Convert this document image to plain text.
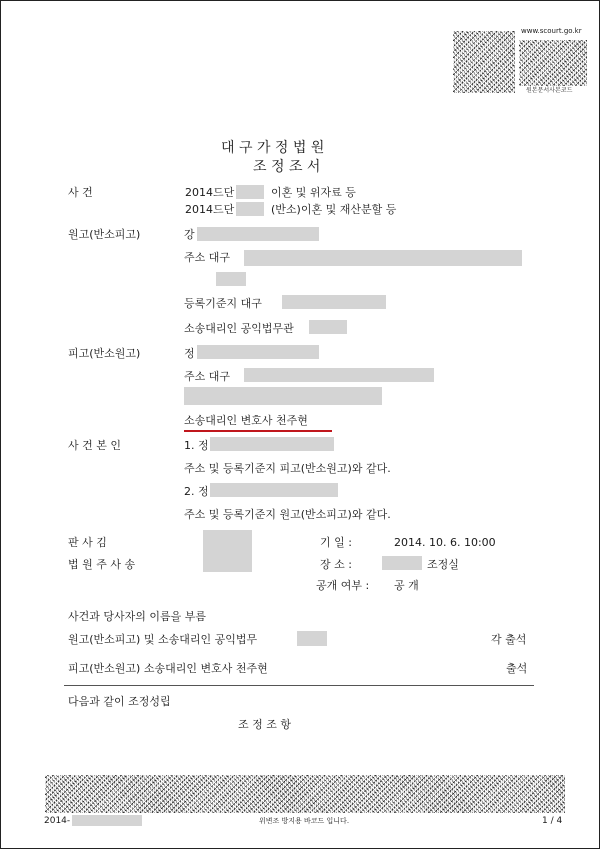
www.scourt.go.kr
원본문서사본코드
대 구 가 정 법 원
조 정 조 서
사 건	2014드단	이혼 및 위자료 등
2014드단	(반소)이혼 및 재산분할 등
원고(반소피고)	강
주소 대구
등록기준지 대구
소송대리인 공익법무관
피고(반소원고)	정
주소 대구
소송대리인 변호사 천주현
사 건 본 인	1. 정
주소 및 등록기준지 피고(반소원고)와 같다.
2. 정
주소 및 등록기준지 원고(반소피고)와 같다.
판 사 김
법 원 주 사 송
기 일 :	2014. 10. 6. 10:00
장 소 :	조정실
공개 여부 : 공 개
사건과 당사자의 이름을 부름
원고(반소피고) 및 소송대리인 공익법무	각 출석
피고(반소원고) 소송대리인 변호사 천주현	출석
다음과 같이 조정성립
조 정 조 항
2014-	위변조 방지용 바코드 입니다.	1 / 4
